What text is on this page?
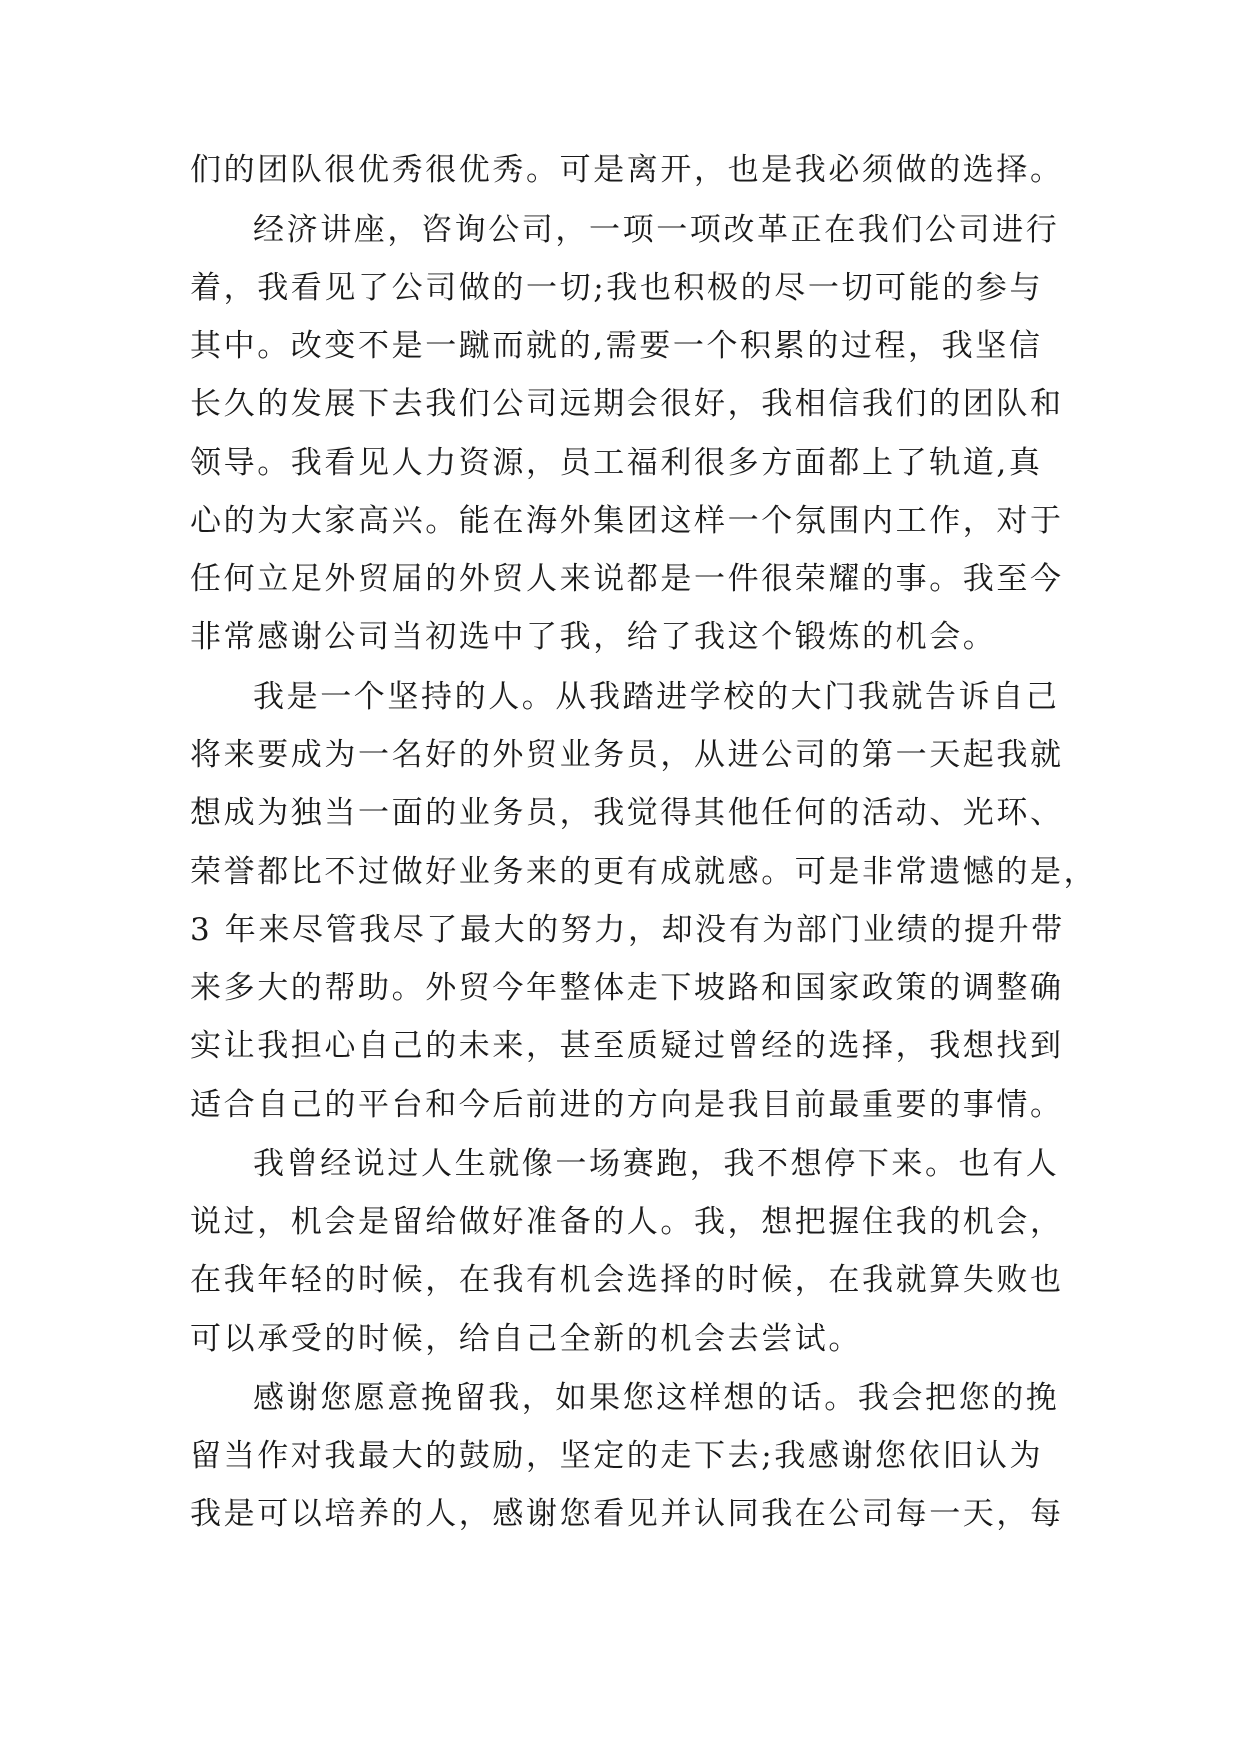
们的团队很优秀很优秀。可是离开，也是我必须做的选择。
经济讲座，咨询公司，一项一项改革正在我们公司进行
着，我看见了公司做的一切;我也积极的尽一切可能的参与
其中。改变不是一蹴而就的,需要一个积累的过程，我坚信
长久的发展下去我们公司远期会很好，我相信我们的团队和
领导。我看见人力资源，员工福利很多方面都上了轨道,真
心的为大家高兴。能在海外集团这样一个氛围内工作，对于
任何立足外贸届的外贸人来说都是一件很荣耀的事。我至今
非常感谢公司当初选中了我，给了我这个锻炼的机会。
我是一个坚持的人。从我踏进学校的大门我就告诉自己
将来要成为一名好的外贸业务员，从进公司的第一天起我就
想成为独当一面的业务员，我觉得其他任何的活动、光环、
荣誉都比不过做好业务来的更有成就感。可是非常遗憾的是，
3 年来尽管我尽了最大的努力，却没有为部门业绩的提升带
来多大的帮助。外贸今年整体走下坡路和国家政策的调整确
实让我担心自己的未来，甚至质疑过曾经的选择，我想找到
适合自己的平台和今后前进的方向是我目前最重要的事情。
我曾经说过人生就像一场赛跑，我不想停下来。也有人
说过，机会是留给做好准备的人。我，想把握住我的机会，
在我年轻的时候，在我有机会选择的时候，在我就算失败也
可以承受的时候，给自己全新的机会去尝试。
感谢您愿意挽留我，如果您这样想的话。我会把您的挽
留当作对我最大的鼓励，坚定的走下去;我感谢您依旧认为
我是可以培养的人，感谢您看见并认同我在公司每一天，每
